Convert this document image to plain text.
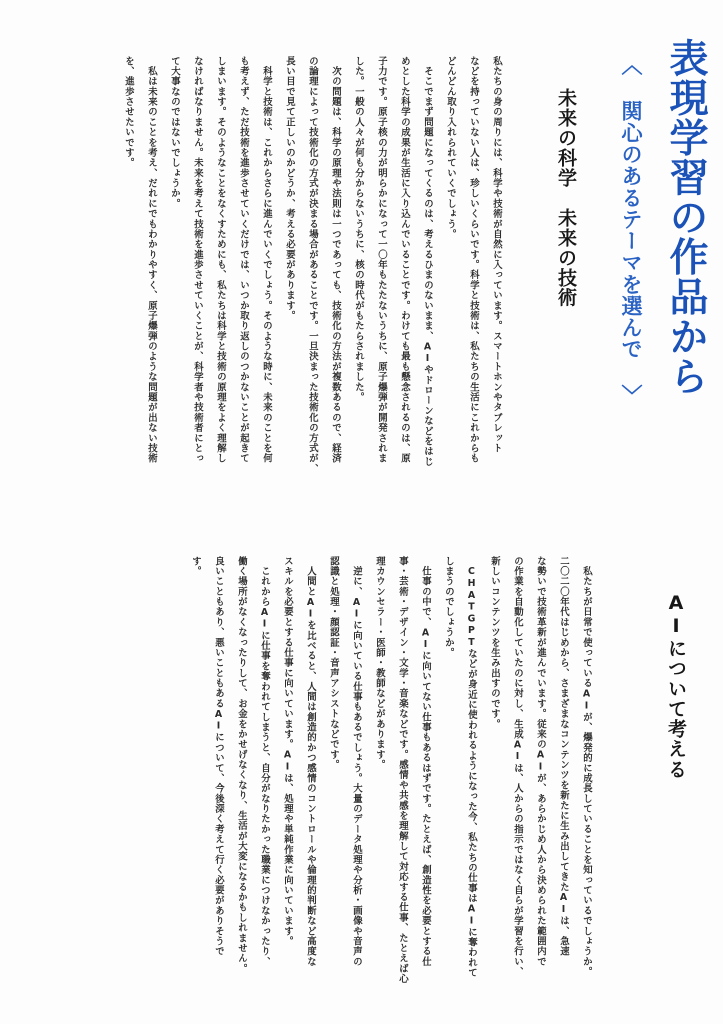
表現学習の作品から
〈 関心のあるテーマを選んで 〉
未来の科学　未来の技術
私たちの身の周りには、科学や技術が自然に入っています。スマートホンやタブレット
などを持っていない人は、珍しいくらいです。科学と技術は、私たちの生活にこれからも
どんどん取り入れられていくでしょう。
　そこでまず問題になってくるのは、考えるひまのないまま、AIやドローンなどをはじ
めとした科学の成果が生活に入り込んでいることです。わけても最も懸念されるのは、原
子力です。原子核の力が明らかになって一〇年もたたないうちに、原子爆弾が開発されま
した。一般の人々が何も分からないうちに、核の時代がもたらされました。
　次の問題は、科学の原理や法則は一つであっても、技術化の方法が複数あるので、経済
の論理によって技術化の方式が決まる場合があることです。一旦決まった技術化の方式が、
長い目で見て正しいのかどうか、考える必要があります。
　科学と技術は、これからさらに進んでいくでしょう。そのような時に、未来のことを何
も考えず、ただ技術を進歩させていくだけでは、いつか取り返しのつかないことが起きて
しまいます。そのようなことをなくすためにも、私たちは科学と技術の原理をよく理解し
なければなりません。未来を考えて技術を進歩させていくことが、科学者や技術者にとっ
て大事なのではないでしょうか。
　私は未来のことを考え、だれにでもわかりやすく、原子爆弾のような問題が出ない技術
を、進歩させたいです。
AIについて考える
　私たちが日常で使っているAIが、爆発的に成長していることを知っているでしょうか。
二〇二〇年代はじめから、さまざまなコンテンツを新たに生み出してきたAIは、急速
な勢いで技術革新が進んでいます。従来のAIが、あらかじめ人から決められた範囲内で
の作業を自動化していたのに対し、生成AIは、人からの指示ではなく自らが学習を行い、
新しいコンテンツを生み出すのです。
　CHATGPTなどが身近に使われるようになった今、私たちの仕事はAIに奪われて
しまうのでしょうか。
　仕事の中で、AIに向いてない仕事もあるはずです。たとえば、創造性を必要とする仕
事・芸術・デザイン・文学・音楽などです。感情や共感を理解して対応する仕事、たとえば心
理カウンセラー・医師・教師などがあります。
　逆に、AIに向いている仕事もあるでしょう。大量のデータ処理や分析・画像や音声の
認識と処理・顔認証・音声アシストなどです。
　人間とAIを比べると、人間は創造的かつ感情のコントロールや倫理的判断など高度な
スキルを必要とする仕事に向いています。AIは、処理や単純作業に向いています。
　これからAIに仕事を奪われてしまうと、自分がなりたかった職業につけなかったり、
働く場所がなくなったりして、お金をかせげなくなり、生活が大変になるかもしれません。
良いこともあり、悪いこともあるAIについて、今後深く考えて行く必要がありそうで
す。
